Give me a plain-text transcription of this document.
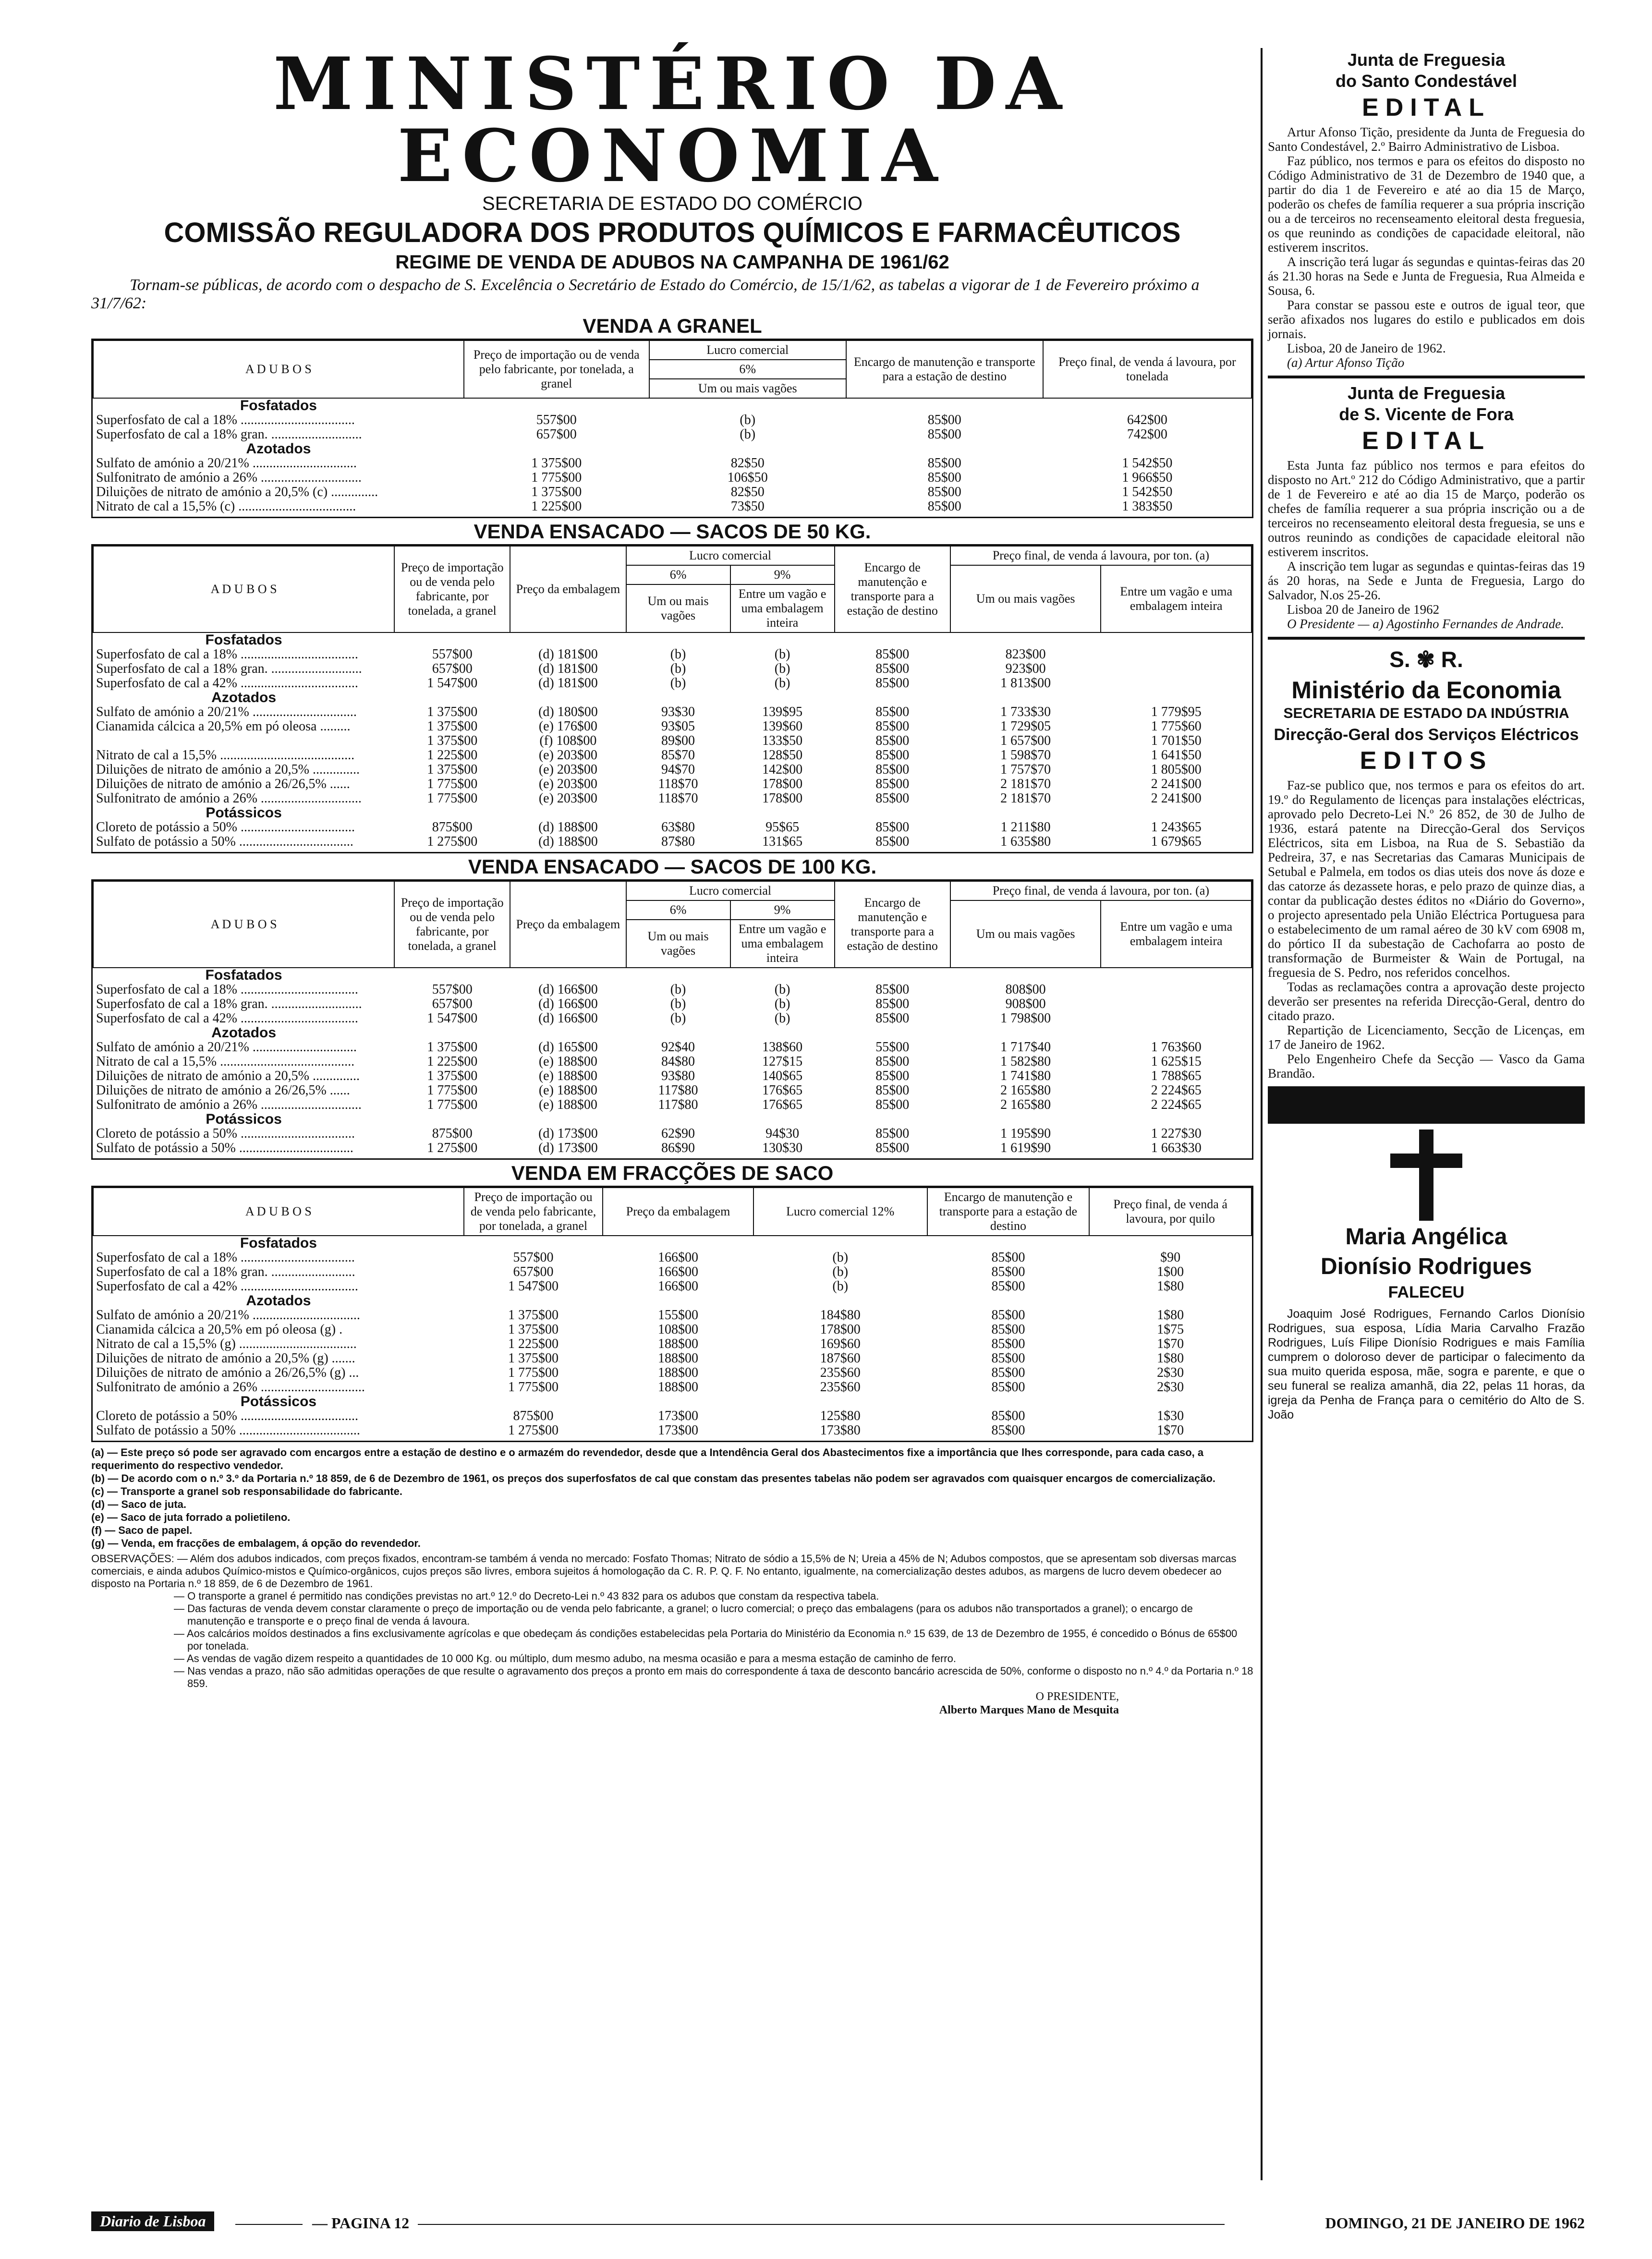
MINISTÉRIO DA ECONOMIA
SECRETARIA DE ESTADO DO COMÉRCIO
COMISSÃO REGULADORA DOS PRODUTOS QUÍMICOS E FARMACÊUTICOS
REGIME DE VENDA DE ADUBOS NA CAMPANHA DE 1961/62

Tornam-se públicas, de acordo com o despacho de S. Excelência o Secretário de Estado do Comércio, de 15/1/62, as tabelas a vigorar de 1 de Fevereiro próximo a 31/7/62:

VENDA A GRANEL
A D U B O S	Preço de importação ou de venda pelo fabricante, por tonelada, a granel	Lucro comercial	Encargo de manutenção e transporte para a estação de destino	Preço final, de venda á lavoura, por tonelada
		6%		
		Um ou mais vagões		
Fosfatados				
Superfosfato de cal a 18% ..................................	557$00	(b)	85$00	642$00
Superfosfato de cal a 18% gran. ...........................	657$00	(b)	85$00	742$00
Azotados				
Sulfato de amónio a 20/21% ...............................	1 375$00	82$50	85$00	1 542$50
Sulfonitrato de amónio a 26% ..............................	1 775$00	106$50	85$00	1 966$50
Diluições de nitrato de amónio a 20,5% (c) ..............	1 375$00	82$50	85$00	1 542$50
Nitrato de cal a 15,5% (c) ...................................	1 225$00	73$50	85$00	1 383$50

VENDA ENSACADO — SACOS DE 50 KG.
A D U B O S	Preço de importação ou de venda pelo fabricante, por tonelada, a granel	Preço da embalagem	Lucro comercial		Encargo de manutenção e transporte para a estação de destino	Preço final, de venda á lavoura, por ton. (a)	
			6%	9%		Um ou mais vagões	Entre um vagão e uma embalagem inteira
			Um ou mais vagões	Entre um vagão e uma embalagem inteira			
Fosfatados							
Superfosfato de cal a 18% ...................................	557$00	(d) 181$00	(b)	(b)	85$00	823$00	
Superfosfato de cal a 18% gran. ...........................	657$00	(d) 181$00	(b)	(b)	85$00	923$00	
Superfosfato de cal a 42% ...................................	1 547$00	(d) 181$00	(b)	(b)	85$00	1 813$00	
Azotados							
Sulfato de amónio a 20/21% ...............................	1 375$00	(d) 180$00	93$30	139$95	85$00	1 733$30	1 779$95
Cianamida cálcica a 20,5% em pó oleosa .........	1 375$00	(e) 176$00	93$05	139$60	85$00	1 729$05	1 775$60
	1 375$00	(f) 108$00	89$00	133$50	85$00	1 657$00	1 701$50
Nitrato de cal a 15,5% ........................................	1 225$00	(e) 203$00	85$70	128$50	85$00	1 598$70	1 641$50
Diluições de nitrato de amónio a 20,5% ..............	1 375$00	(e) 203$00	94$70	142$00	85$00	1 757$70	1 805$00
Diluições de nitrato de amónio a 26/26,5% ......	1 775$00	(e) 203$00	118$70	178$00	85$00	2 181$70	2 241$00
Sulfonitrato de amónio a 26% ..............................	1 775$00	(e) 203$00	118$70	178$00	85$00	2 181$70	2 241$00
Potássicos							
Cloreto de potássio a 50% ..................................	875$00	(d) 188$00	63$80	95$65	85$00	1 211$80	1 243$65
Sulfato de potássio a 50% ..................................	1 275$00	(d) 188$00	87$80	131$65	85$00	1 635$80	1 679$65

VENDA ENSACADO — SACOS DE 100 KG.
A D U B O S	Preço de importação ou de venda pelo fabricante, por tonelada, a granel	Preço da embalagem	Lucro comercial		Encargo de manutenção e transporte para a estação de destino	Preço final, de venda á lavoura, por ton. (a)	
			6%	9%		Um ou mais vagões	Entre um vagão e uma embalagem inteira
			Um ou mais vagões	Entre um vagão e uma embalagem inteira			
Fosfatados							
Superfosfato de cal a 18% ...................................	557$00	(d) 166$00	(b)	(b)	85$00	808$00	
Superfosfato de cal a 18% gran. ...........................	657$00	(d) 166$00	(b)	(b)	85$00	908$00	
Superfosfato de cal a 42% ...................................	1 547$00	(d) 166$00	(b)	(b)	85$00	1 798$00	
Azotados							
Sulfato de amónio a 20/21% ...............................	1 375$00	(d) 165$00	92$40	138$60	55$00	1 717$40	1 763$60
Nitrato de cal a 15,5% ........................................	1 225$00	(e) 188$00	84$80	127$15	85$00	1 582$80	1 625$15
Diluições de nitrato de amónio a 20,5% ..............	1 375$00	(e) 188$00	93$80	140$65	85$00	1 741$80	1 788$65
Diluições de nitrato de amónio a 26/26,5% ......	1 775$00	(e) 188$00	117$80	176$65	85$00	2 165$80	2 224$65
Sulfonitrato de amónio a 26% ..............................	1 775$00	(e) 188$00	117$80	176$65	85$00	2 165$80	2 224$65
Potássicos							
Cloreto de potássio a 50% ..................................	875$00	(d) 173$00	62$90	94$30	85$00	1 195$90	1 227$30
Sulfato de potássio a 50% ..................................	1 275$00	(d) 173$00	86$90	130$30	85$00	1 619$90	1 663$30

VENDA EM FRACÇÕES DE SACO
A D U B O S	Preço de importação ou de venda pelo fabricante, por tonelada, a granel	Preço da embalagem	Lucro comercial 12%	Encargo de manutenção e transporte para a estação de destino	Preço final, de venda á lavoura, por quilo
Fosfatados					
Superfosfato de cal a 18% ..................................	557$00	166$00	(b)	85$00	$90
Superfosfato de cal a 18% gran. .........................	657$00	166$00	(b)	85$00	1$00
Superfosfato de cal a 42% ...................................	1 547$00	166$00	(b)	85$00	1$80
Azotados					
Sulfato de amónio a 20/21% ................................	1 375$00	155$00	184$80	85$00	1$80
Cianamida cálcica a 20,5% em pó oleosa (g) .	1 375$00	108$00	178$00	85$00	1$75
Nitrato de cal a 15,5% (g) ...................................	1 225$00	188$00	169$60	85$00	1$70
Diluições de nitrato de amónio a 20,5% (g) .......	1 375$00	188$00	187$60	85$00	1$80
Diluições de nitrato de amónio a 26/26,5% (g) ...	1 775$00	188$00	235$60	85$00	2$30
Sulfonitrato de amónio a 26% ...............................	1 775$00	188$00	235$60	85$00	2$30
Potássicos					
Cloreto de potássio a 50% ...................................	875$00	173$00	125$80	85$00	1$30
Sulfato de potássio a 50% ....................................	1 275$00	173$00	173$80	85$00	1$70

(a) — Este preço só pode ser agravado com encargos entre a estação de destino e o armazém do revendedor, desde que a Intendência Geral dos Abastecimentos fixe a importância que lhes corresponde, para cada caso, a requerimento do respectivo vendedor.

(b) — De acordo com o n.º 3.º da Portaria n.º 18 859, de 6 de Dezembro de 1961, os preços dos superfosfatos de cal que constam das presentes tabelas não podem ser agravados com quaisquer encargos de comercialização.

(c) — Transporte a granel sob responsabilidade do fabricante.

(d) — Saco de juta.

(e) — Saco de juta forrado a polietileno.

(f) — Saco de papel.

(g) — Venda, em fracções de embalagem, á opção do revendedor.

OBSERVAÇÕES: — Além dos adubos indicados, com preços fixados, encontram-se também á venda no mercado: Fosfato Thomas; Nitrato de sódio a 15,5% de N; Ureia a 45% de N; Adubos compostos, que se apresentam sob diversas marcas comerciais, e ainda adubos Químico-mistos e Químico-orgânicos, cujos preços são livres, embora sujeitos á homologação da C. R. P. Q. F. No entanto, igualmente, na comercialização destes adubos, as margens de lucro devem obedecer ao disposto na Portaria n.º 18 859, de 6 de Dezembro de 1961.

— O transporte a granel é permitido nas condições previstas no art.º 12.º do Decreto-Lei n.º 43 832 para os adubos que constam da respectiva tabela.

— Das facturas de venda devem constar claramente o preço de importação ou de venda pelo fabricante, a granel; o lucro comercial; o preço das embalagens (para os adubos não transportados a granel); o encargo de manutenção e transporte e o preço final de venda á lavoura.

— Aos calcários moídos destinados a fins exclusivamente agrícolas e que obedeçam ás condições estabelecidas pela Portaria do Ministério da Economia n.º 15 639, de 13 de Dezembro de 1955, é concedido o Bónus de 65$00 por tonelada.

— As vendas de vagão dizem respeito a quantidades de 10 000 Kg. ou múltiplo, dum mesmo adubo, na mesma ocasião e para a mesma estação de caminho de ferro.

— Nas vendas a prazo, não são admitidas operações de que resulte o agravamento dos preços a pronto em mais do correspondente á taxa de desconto bancário acrescida de 50%, conforme o disposto no n.º 4.º da Portaria n.º 18 859.

O PRESIDENTE,
Alberto Marques Mano de Mesquita
Junta de Freguesia
do Santo Condestável
EDITAL

Artur Afonso Tição, presidente da Junta de Freguesia do Santo Condestável, 2.º Bairro Administrativo de Lisboa.

Faz público, nos termos e para os efeitos do disposto no Código Administrativo de 31 de Dezembro de 1940 que, a partir do dia 1 de Fevereiro e até ao dia 15 de Março, poderão os chefes de família requerer a sua própria inscrição ou a de terceiros no recenseamento eleitoral desta freguesia, os que reunindo as condições de capacidade eleitoral, não estiverem inscritos.

A inscrição terá lugar ás segundas e quintas-feiras das 20 ás 21.30 horas na Sede e Junta de Freguesia, Rua Almeida e Sousa, 6.

Para constar se passou este e outros de igual teor, que serão afixados nos lugares do estilo e publicados em dois jornais.

Lisboa, 20 de Janeiro de 1962.

(a) Artur Afonso Tição

Junta de Freguesia
de S. Vicente de Fora
EDITAL

Esta Junta faz público nos termos e para efeitos do disposto no Art.º 212 do Código Administrativo, que a partir de 1 de Fevereiro e até ao dia 15 de Março, poderão os chefes de família requerer a sua própria inscrição ou a de terceiros no recenseamento eleitoral desta freguesia, se uns e outros reunindo as condições de capacidade eleitoral não estiverem inscritos.

A inscrição tem lugar as segundas e quintas-feiras das 19 ás 20 horas, na Sede e Junta de Freguesia, Largo do Salvador, N.os 25-26.

Lisboa 20 de Janeiro de 1962

O Presidente — a) Agostinho Fernandes de Andrade.

S. ✾ R.
Ministério da Economia
SECRETARIA DE ESTADO DA INDÚSTRIA
Direcção-Geral dos Serviços Eléctricos
EDITOS

Faz-se publico que, nos termos e para os efeitos do art. 19.º do Regulamento de licenças para instalações eléctricas, aprovado pelo Decreto-Lei N.º 26 852, de 30 de Julho de 1936, estará patente na Direcção-Geral dos Serviços Eléctricos, sita em Lisboa, na Rua de S. Sebastião da Pedreira, 37, e nas Secretarias das Camaras Municipais de Setubal e Palmela, em todos os dias uteis dos nove ás doze e das catorze ás dezassete horas, e pelo prazo de quinze dias, a contar da publicação destes éditos no «Diário do Governo», o projecto apresentado pela União Eléctrica Portuguesa para o estabelecimento de um ramal aéreo de 30 kV com 6908 m, do pórtico II da subestação de Cachofarra ao posto de transformação de Burmeister & Wain de Portugal, na freguesia de S. Pedro, nos referidos concelhos.

Todas as reclamações contra a aprovação deste projecto deverão ser presentes na referida Direcção-Geral, dentro do citado prazo.

Repartição de Licenciamento, Secção de Licenças, em 17 de Janeiro de 1962.

Pelo Engenheiro Chefe da Secção — Vasco da Gama Brandão.

Maria Angélica
Dionísio Rodrigues
FALECEU

Joaquim José Rodrigues, Fernando Carlos Dionísio Rodrigues, sua esposa, Lídia Maria Carvalho Frazão Rodrigues, Luís Filipe Dionísio Rodrigues e mais Família cumprem o doloroso dever de participar o falecimento da sua muito querida esposa, mãe, sogra e parente, e que o seu funeral se realiza amanhã, dia 22, pelas 11 horas, da igreja da Penha de França para o cemitério do Alto de S. João

Diario de Lisboa	— PAGINA 12	DOMINGO, 21 DE JANEIRO DE 1962
